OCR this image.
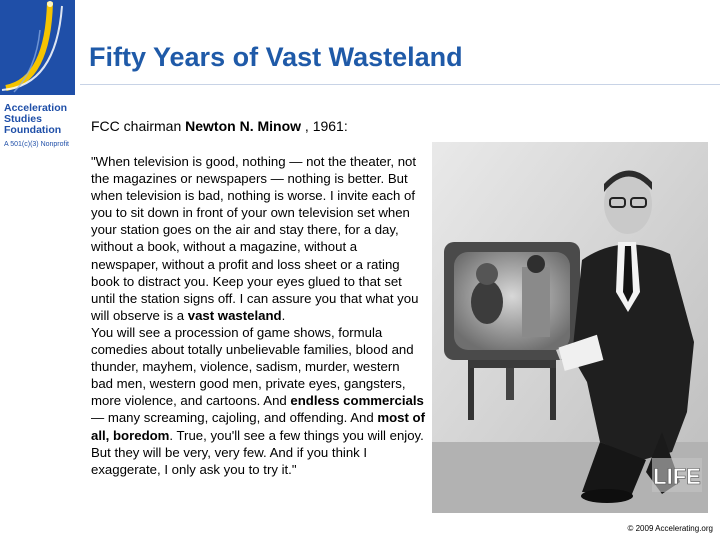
Acceleration
Studies
Foundation
A 501(c)(3) Nonprofit
Fifty Years of Vast Wasteland
FCC chairman Newton N. Minow , 1961:

"When television is good, nothing — not the theater, not the magazines or newspapers — nothing is better. But when television is bad, nothing is worse. I invite each of you to sit down in front of your own television set when your station goes on the air and stay there, for a day, without a book, without a magazine, without a newspaper, without a profit and loss sheet or a rating book to distract you. Keep your eyes glued to that set until the station signs off. I can assure you that what you will observe is a vast wasteland.

You will see a procession of game shows, formula comedies about totally unbelievable families, blood and thunder, mayhem, violence, sadism, murder, western bad men, western good men, private eyes, gangsters, more violence, and cartoons. And endless commercials — many screaming, cajoling, and offending. And most of all, boredom. True, you'll see a few things you will enjoy. But they will be very, very few. And if you think I exaggerate, I only ask you to try it."	LIFE
© 2009 Accelerating.org
